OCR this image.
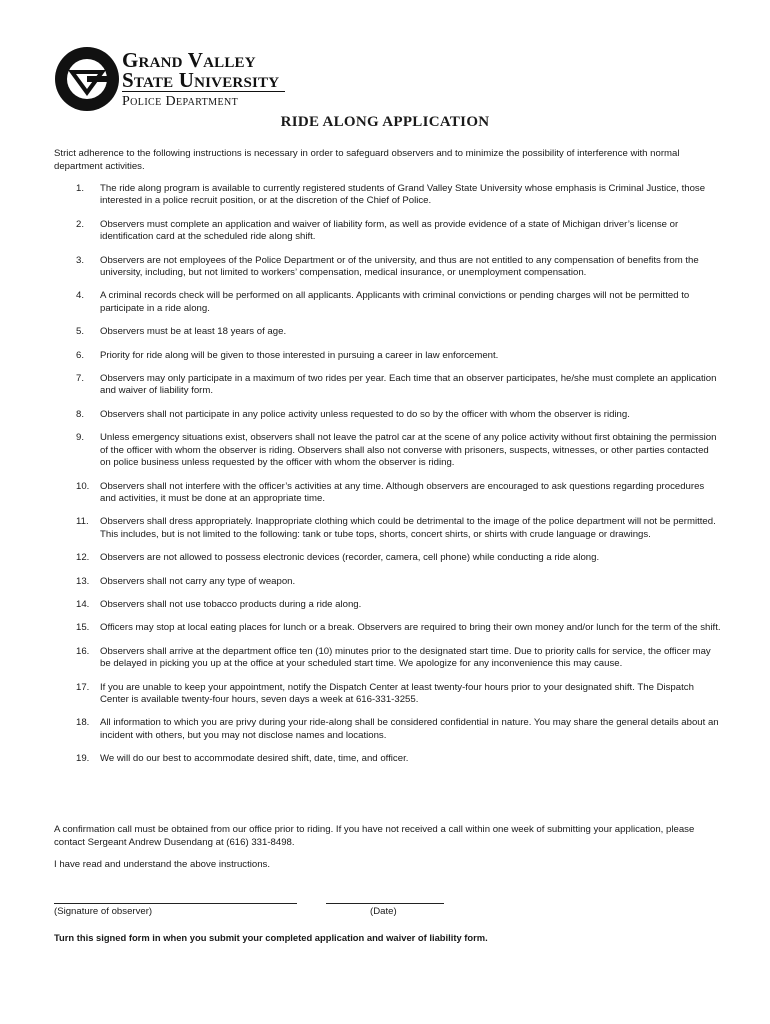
Grand Valley
State University
Police Department
RIDE ALONG APPLICATION
Strict adherence to the following instructions is necessary in order to safeguard observers and to minimize the possibility of interference with normal department activities.
1. The ride along program is available to currently registered students of Grand Valley State University whose emphasis is Criminal Justice, those interested in a police recruit position, or at the discretion of the Chief of Police.
2. Observers must complete an application and waiver of liability form, as well as provide evidence of a state of Michigan driver’s license or identification card at the scheduled ride along shift.
3. Observers are not employees of the Police Department or of the university, and thus are not entitled to any compensation of benefits from the university, including, but not limited to workers’ compensation, medical insurance, or unemployment compensation.
4. A criminal records check will be performed on all applicants. Applicants with criminal convictions or pending charges will not be permitted to participate in a ride along.
5. Observers must be at least 18 years of age.
6. Priority for ride along will be given to those interested in pursuing a career in law enforcement.
7. Observers may only participate in a maximum of two rides per year. Each time that an observer participates, he/she must complete an application and waiver of liability form.
8. Observers shall not participate in any police activity unless requested to do so by the officer with whom the observer is riding.
9. Unless emergency situations exist, observers shall not leave the patrol car at the scene of any police activity without first obtaining the permission of the officer with whom the observer is riding. Observers shall also not converse with prisoners, suspects, witnesses, or other parties contacted on police business unless requested by the officer with whom the observer is riding.
10. Observers shall not interfere with the officer’s activities at any time. Although observers are encouraged to ask questions regarding procedures and activities, it must be done at an appropriate time.
11. Observers shall dress appropriately. Inappropriate clothing which could be detrimental to the image of the police department will not be permitted. This includes, but is not limited to the following: tank or tube tops, shorts, concert shirts, or shirts with crude language or drawings.
12. Observers are not allowed to possess electronic devices (recorder, camera, cell phone) while conducting a ride along.
13. Observers shall not carry any type of weapon.
14. Observers shall not use tobacco products during a ride along.
15. Officers may stop at local eating places for lunch or a break. Observers are required to bring their own money and/or lunch for the term of the shift.
16. Observers shall arrive at the department office ten (10) minutes prior to the designated start time. Due to priority calls for service, the officer may be delayed in picking you up at the office at your scheduled start time. We apologize for any inconvenience this may cause.
17. If you are unable to keep your appointment, notify the Dispatch Center at least twenty-four hours prior to your designated shift. The Dispatch Center is available twenty-four hours, seven days a week at 616-331-3255.
18. All information to which you are privy during your ride-along shall be considered confidential in nature. You may share the general details about an incident with others, but you may not disclose names and locations.
19. We will do our best to accommodate desired shift, date, time, and officer.
A confirmation call must be obtained from our office prior to riding. If you have not received a call within one week of submitting your application, please contact Sergeant Andrew Dusendang at (616) 331-8498.
I have read and understand the above instructions.
(Signature of observer)	(Date)
Turn this signed form in when you submit your completed application and waiver of liability form.
